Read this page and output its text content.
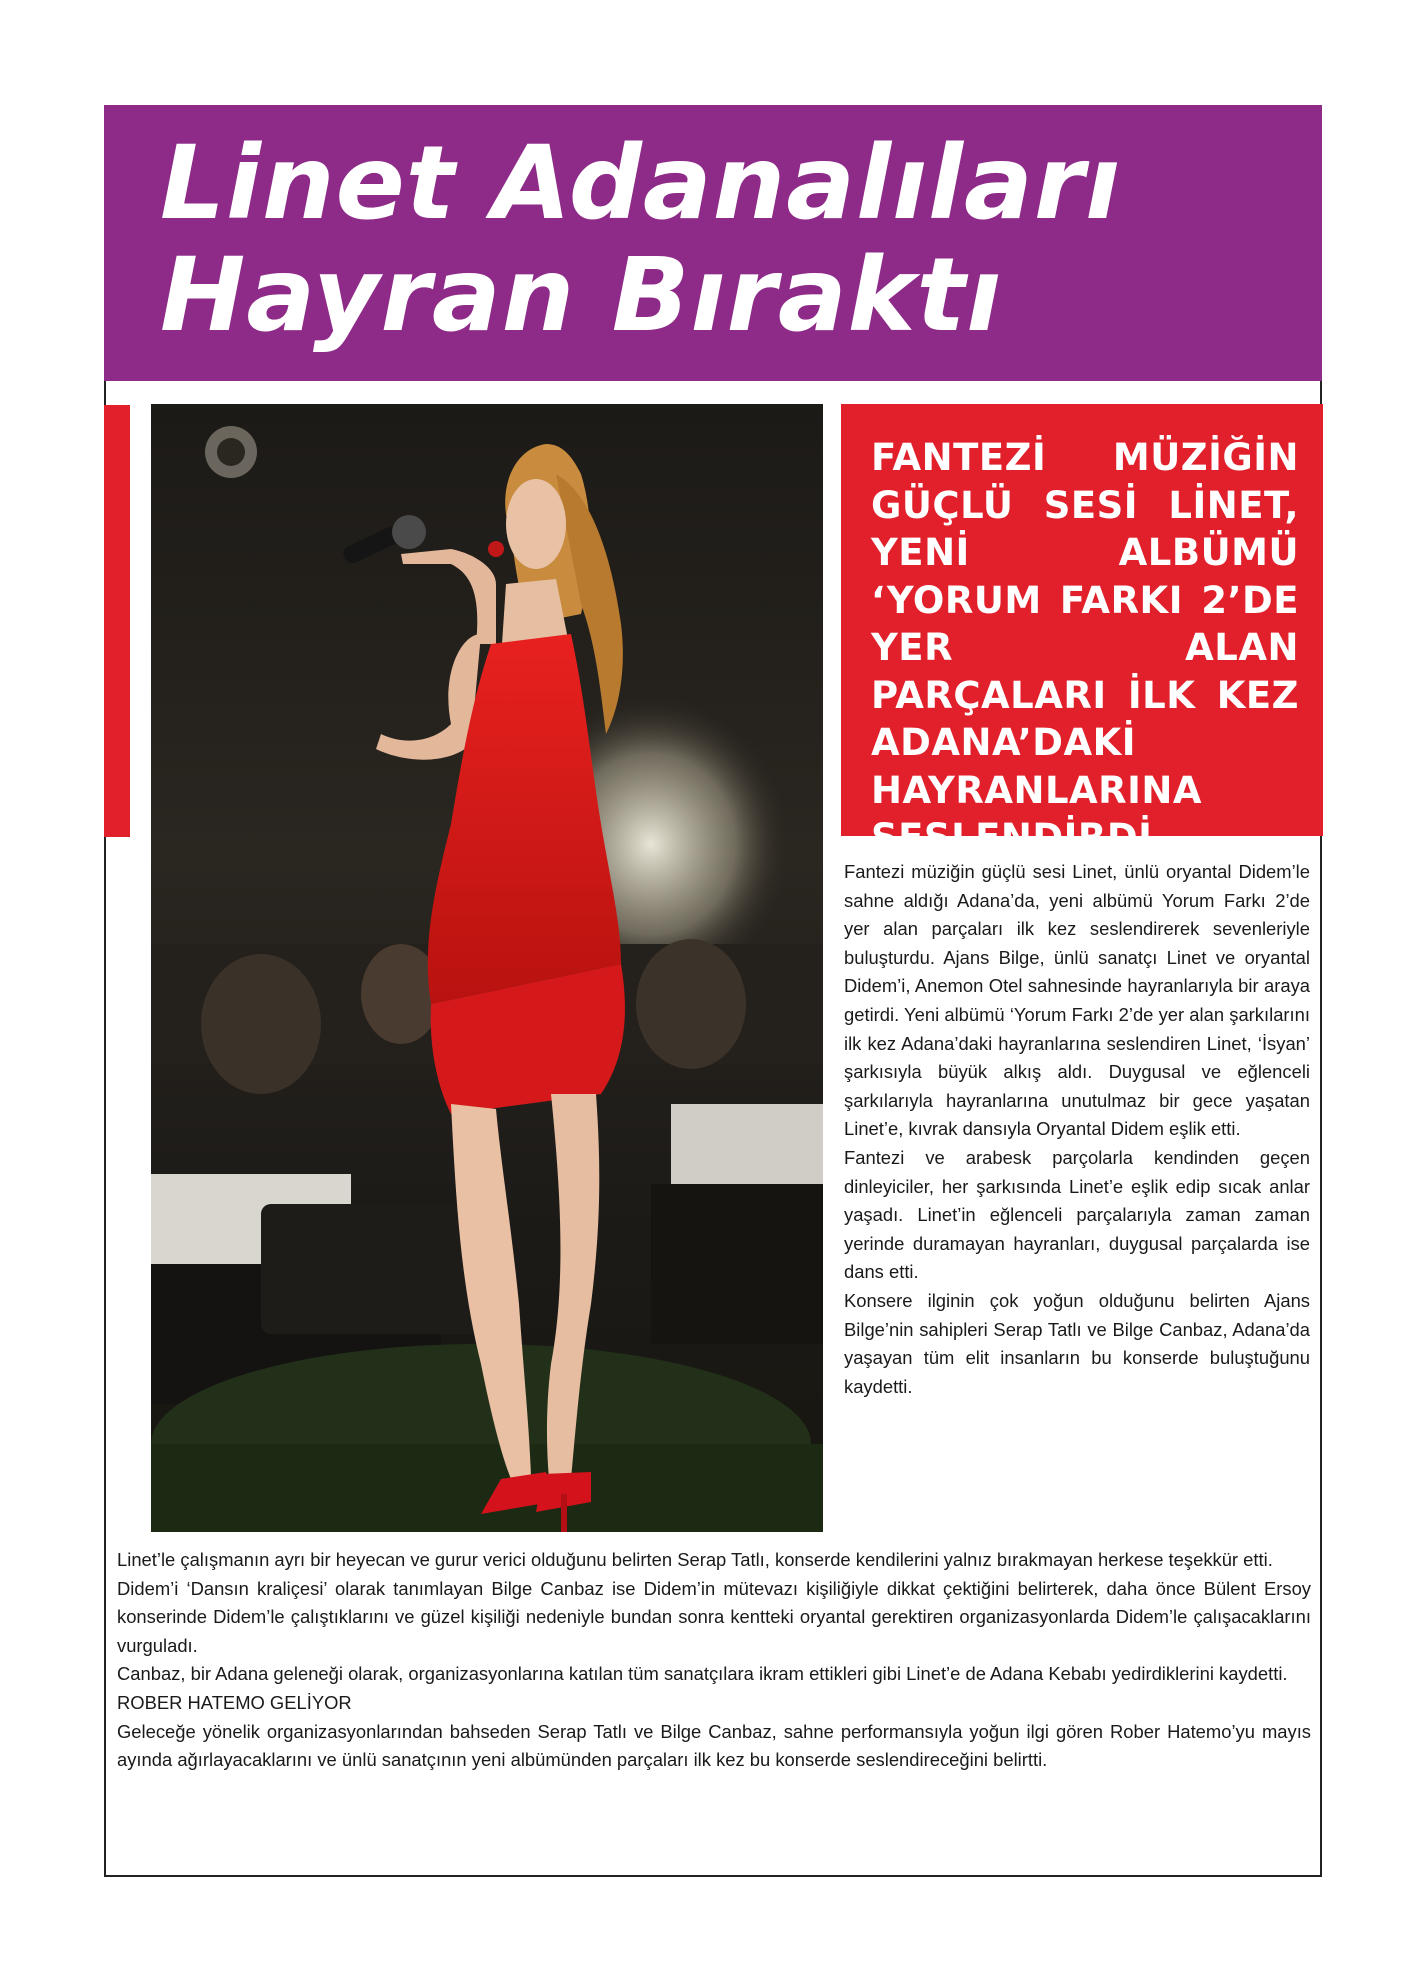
Linet Adanalıları
Hayran Bıraktı
FANTEZİ MÜZİĞİN GÜÇLÜ SESİ LİNET, YENİ ALBÜMÜ ‘YORUM FARKI 2’DE YER ALAN PARÇALARI İLK KEZ ADANA’DAKİ HAYRANLARINA SESLENDİRDİ

Fantezi müziğin güçlü sesi Linet, ünlü oryantal Didem’le sahne aldığı Adana’da, yeni albümü Yorum Farkı 2’de yer alan parçaları ilk kez seslendirerek sevenleriyle buluşturdu. Ajans Bilge, ünlü sanatçı Linet ve oryantal Didem’i, Anemon Otel sahnesinde hayranlarıyla bir araya getirdi. Yeni albümü ‘Yorum Farkı 2’de yer alan şarkılarını ilk kez Adana’daki hayranlarına seslendiren Linet, ‘İsyan’ şarkısıyla büyük alkış aldı. Duygusal ve eğlenceli şarkılarıyla hayranlarına unutulmaz bir gece yaşatan Linet’e, kıvrak dansıyla Oryantal Didem eşlik etti.

Fantezi ve arabesk parçolarla kendinden geçen dinleyiciler, her şarkısında Linet’e eşlik edip sıcak anlar yaşadı. Linet’in eğlenceli parçalarıyla zaman zaman yerinde duramayan hayranları, duygusal parçalarda ise dans etti.

Konsere ilginin çok yoğun olduğunu belirten Ajans Bilge’nin sahipleri Serap Tatlı ve Bilge Canbaz, Adana’da yaşayan tüm elit insanların bu konserde buluştuğunu kaydetti.

Linet’le çalışmanın ayrı bir heyecan ve gurur verici olduğunu belirten Serap Tatlı, konserde kendilerini yalnız bırakmayan herkese teşekkür etti.

Didem’i ‘Dansın kraliçesi’ olarak tanımlayan Bilge Canbaz ise Didem’in mütevazı kişiliğiyle dikkat çektiğini belirterek, daha önce Bülent Ersoy konserinde Didem’le çalıştıklarını ve güzel kişiliği nedeniyle bundan sonra kentteki oryantal gerektiren organizasyonlarda Didem’le çalışacaklarını vurguladı.

Canbaz, bir Adana geleneği olarak, organizasyonlarına katılan tüm sanatçılara ikram ettikleri gibi Linet’e de Adana Kebabı yedirdiklerini kaydetti.

ROBER HATEMO GELİYOR

Geleceğe yönelik organizasyonlarından bahseden Serap Tatlı ve Bilge Canbaz, sahne performansıyla yoğun ilgi gören Rober Hatemo’yu mayıs ayında ağırlayacaklarını ve ünlü sanatçının yeni albümünden parçaları ilk kez bu konserde seslendireceğini belirtti.
